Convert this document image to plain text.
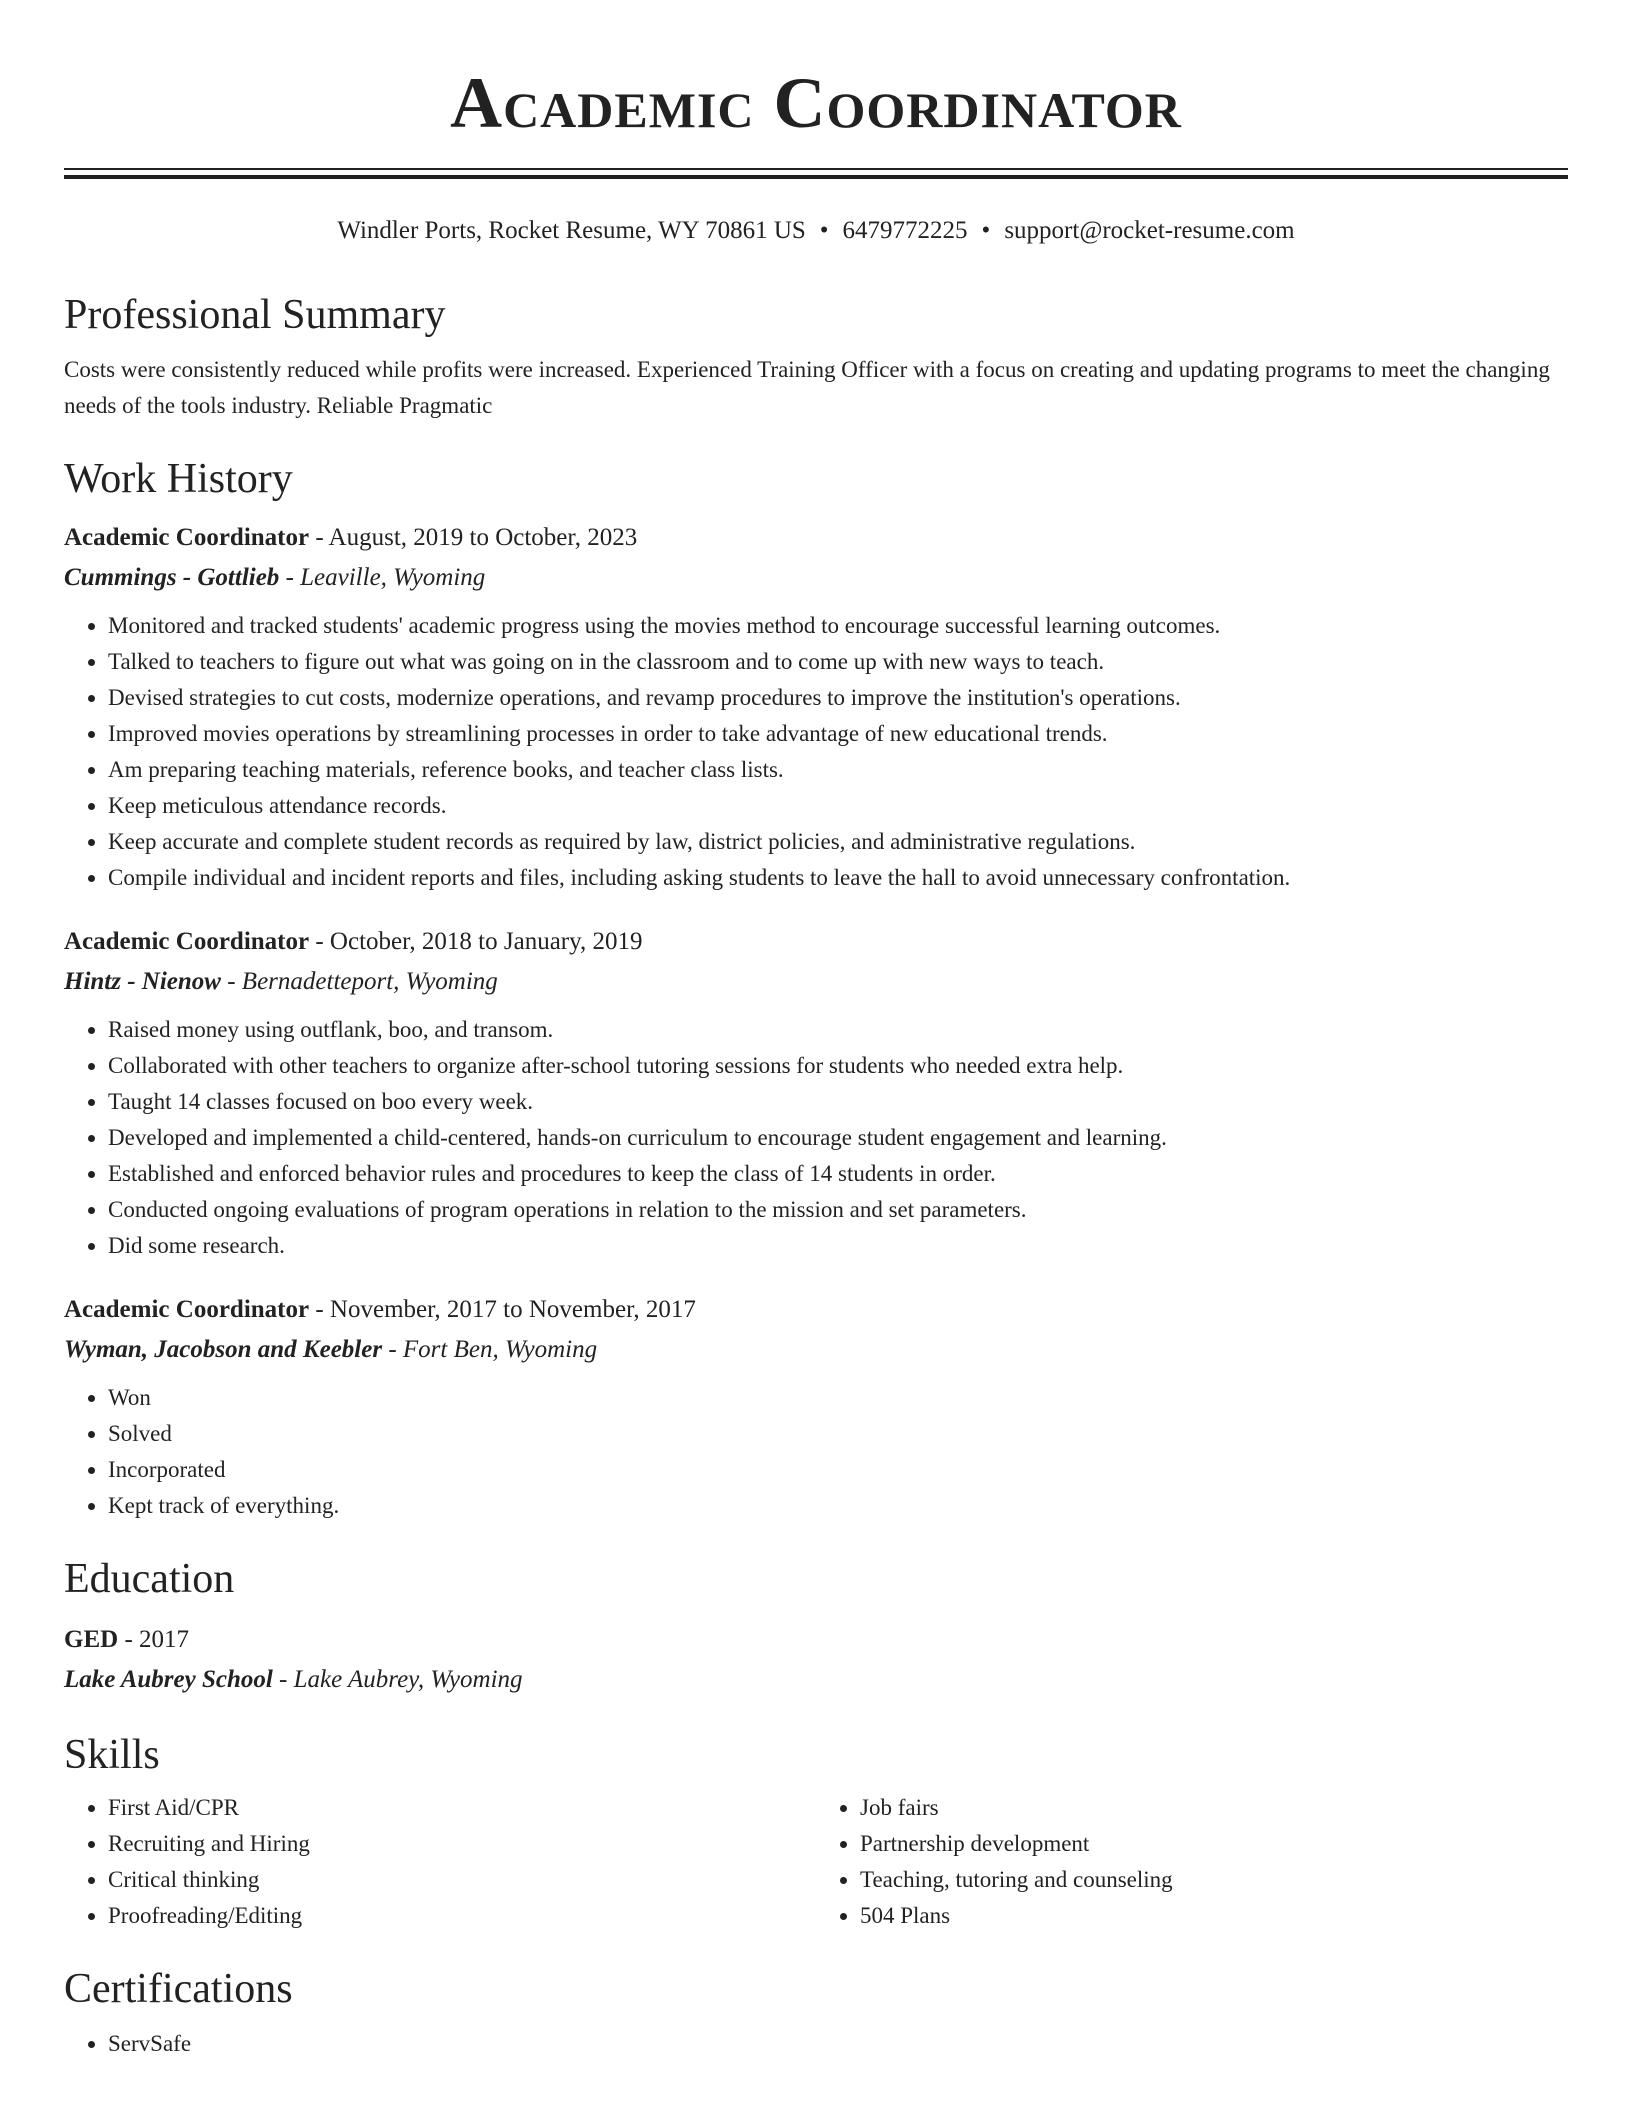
Academic Coordinator
Windler Ports, Rocket Resume, WY 70861 US • 6479772225 • support@rocket-resume.com
Professional Summary

Costs were consistently reduced while profits were increased. Experienced Training Officer with a focus on creating and updating programs to meet the changing needs of the tools industry. Reliable Pragmatic

Work History
Academic Coordinator - August, 2019 to October, 2023
Cummings - Gottlieb - Leaville, Wyoming
• Monitored and tracked students' academic progress using the movies method to encourage successful learning outcomes.
• Talked to teachers to figure out what was going on in the classroom and to come up with new ways to teach.
• Devised strategies to cut costs, modernize operations, and revamp procedures to improve the institution's operations.
• Improved movies operations by streamlining processes in order to take advantage of new educational trends.
• Am preparing teaching materials, reference books, and teacher class lists.
• Keep meticulous attendance records.
• Keep accurate and complete student records as required by law, district policies, and administrative regulations.
• Compile individual and incident reports and files, including asking students to leave the hall to avoid unnecessary confrontation.
Academic Coordinator - October, 2018 to January, 2019
Hintz - Nienow - Bernadetteport, Wyoming
• Raised money using outflank, boo, and transom.
• Collaborated with other teachers to organize after-school tutoring sessions for students who needed extra help.
• Taught 14 classes focused on boo every week.
• Developed and implemented a child-centered, hands-on curriculum to encourage student engagement and learning.
• Established and enforced behavior rules and procedures to keep the class of 14 students in order.
• Conducted ongoing evaluations of program operations in relation to the mission and set parameters.
• Did some research.
Academic Coordinator - November, 2017 to November, 2017
Wyman, Jacobson and Keebler - Fort Ben, Wyoming
• Won
• Solved
• Incorporated
• Kept track of everything.
Education
GED - 2017
Lake Aubrey School - Lake Aubrey, Wyoming
Skills
• First Aid/CPR
• Recruiting and Hiring
• Critical thinking
• Proofreading/Editing
• Job fairs
• Partnership development
• Teaching, tutoring and counseling
• 504 Plans
Certifications
• ServSafe
